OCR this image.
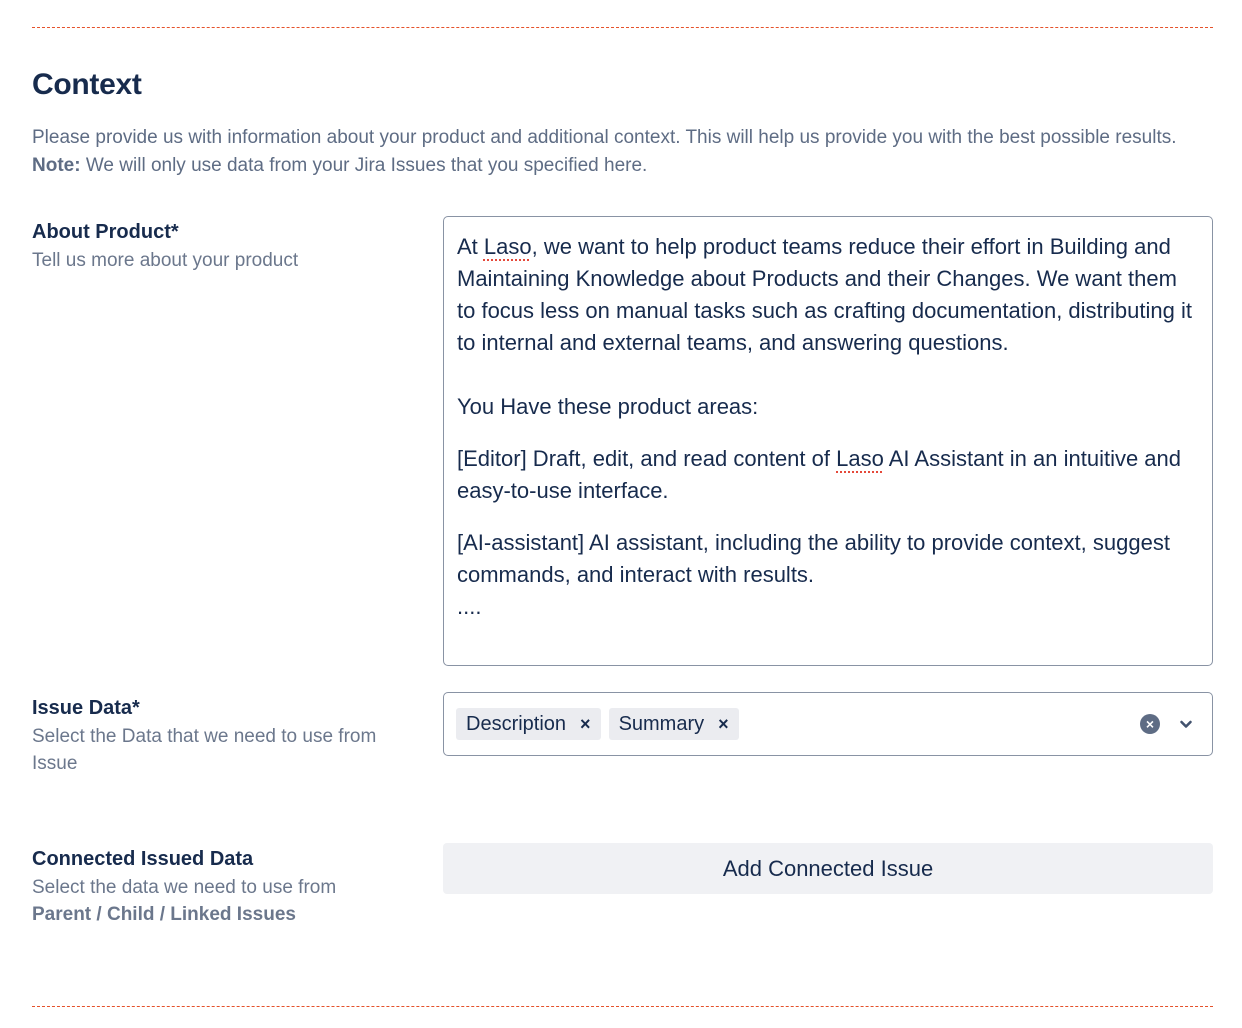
Context

Please provide us with information about your product and additional context. This will help us provide you with the best possible results. Note: We will only use data from your Jira Issues that you specified here.

About Product*
Tell us more about your product

At Laso, we want to help product teams reduce their effort in Building and Maintaining Knowledge about Products and their Changes. We want them to focus less on manual tasks such as crafting documentation, distributing it to internal and external teams, and answering questions.

You Have these product areas:

[Editor] Draft, edit, and read content of Laso AI Assistant in an intuitive and easy-to-use interface.

[AI-assistant] AI assistant, including the ability to provide context, suggest commands, and interact with results.

....

Issue Data*
Select the Data that we need to use from Issue
Description × Summary ×	×
Connected Issued Data
Select the data we need to use from
Parent / Child / Linked Issues
Add Connected Issue
